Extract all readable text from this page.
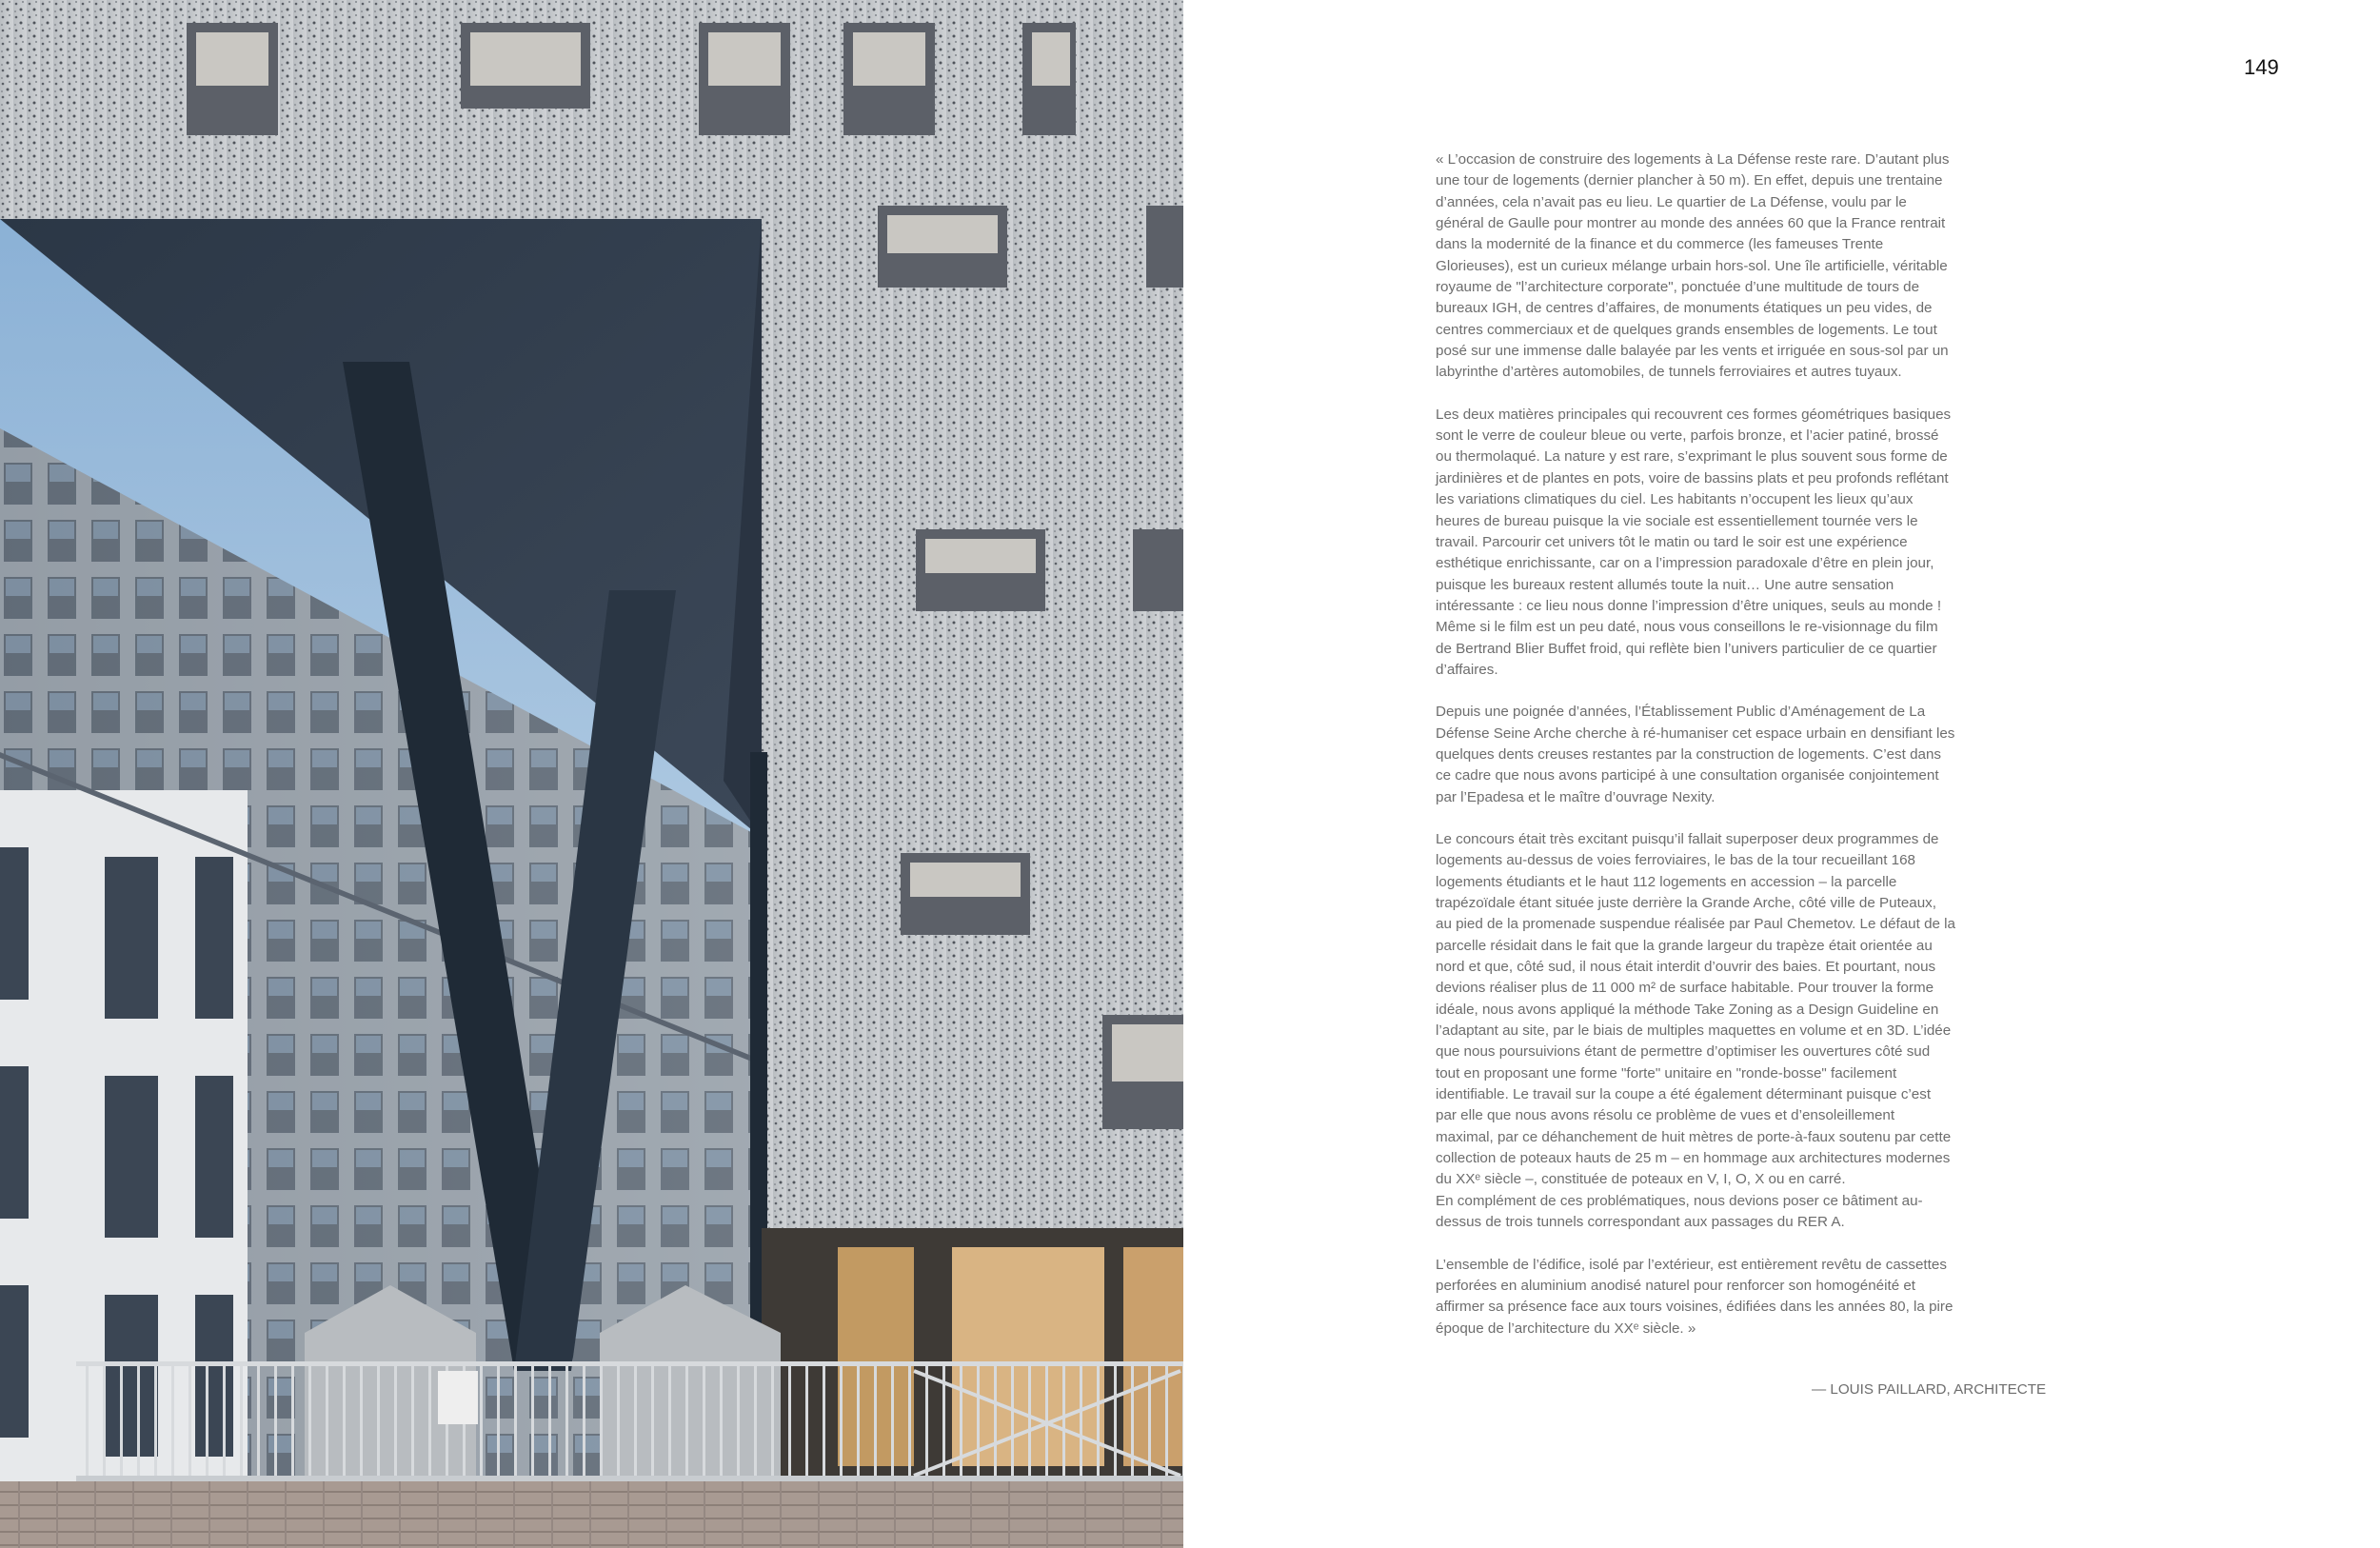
149

« L’occasion de construire des logements à La Défense reste rare. D’autant plus une tour de logements (dernier plancher à 50 m). En effet, depuis une trentaine d’années, cela n’avait pas eu lieu. Le quartier de La Défense, voulu par le général de Gaulle pour montrer au monde des années 60 que la France rentrait dans la modernité de la finance et du commerce (les fameuses Trente Glorieuses), est un curieux mélange urbain hors-sol. Une île artificielle, véritable royaume de "l’architecture corporate", ponctuée d’une multitude de tours de bureaux IGH, de centres d’affaires, de monuments étatiques un peu vides, de centres commerciaux et de quelques grands ensembles de logements. Le tout posé sur une immense dalle balayée par les vents et irriguée en sous-sol par un labyrinthe d’artères automobiles, de tunnels ferroviaires et autres tuyaux.

Les deux matières principales qui recouvrent ces formes géométriques basiques sont le verre de couleur bleue ou verte, parfois bronze, et l’acier patiné, brossé ou thermolaqué. La nature y est rare, s’exprimant le plus souvent sous forme de jardinières et de plantes en pots, voire de bassins plats et peu profonds reflétant les variations climatiques du ciel. Les habitants n’occupent les lieux qu’aux heures de bureau puisque la vie sociale est essentiellement tournée vers le travail. Parcourir cet univers tôt le matin ou tard le soir est une expérience esthétique enrichissante, car on a l’impression paradoxale d’être en plein jour, puisque les bureaux restent allumés toute la nuit… Une autre sensation intéressante : ce lieu nous donne l’impression d’être uniques, seuls au monde ! Même si le film est un peu daté, nous vous conseillons le re-visionnage du film de Bertrand Blier Buffet froid, qui reflète bien l’univers particulier de ce quartier d’affaires.

Depuis une poignée d’années, l’Établissement Public d’Aménagement de La Défense Seine Arche cherche à ré-humaniser cet espace urbain en densifiant les quelques dents creuses restantes par la construction de logements. C’est dans ce cadre que nous avons participé à une consultation organisée conjointement par l’Epadesa et le maître d’ouvrage Nexity.

Le concours était très excitant puisqu’il fallait superposer deux programmes de logements au-dessus de voies ferroviaires, le bas de la tour recueillant 168 logements étudiants et le haut 112 logements en accession – la parcelle trapézoïdale étant située juste derrière la Grande Arche, côté ville de Puteaux, au pied de la promenade suspendue réalisée par Paul Chemetov. Le défaut de la parcelle résidait dans le fait que la grande largeur du trapèze était orientée au nord et que, côté sud, il nous était interdit d’ouvrir des baies. Et pourtant, nous devions réaliser plus de 11 000 m² de surface habitable. Pour trouver la forme idéale, nous avons appliqué la méthode Take Zoning as a Design Guideline en l’adaptant au site, par le biais de multiples maquettes en volume et en 3D. L’idée que nous poursuivions étant de permettre d’optimiser les ouvertures côté sud tout en proposant une forme "forte" unitaire en "ronde-bosse" facilement identifiable. Le travail sur la coupe a été également déterminant puisque c’est par elle que nous avons résolu ce problème de vues et d’ensoleillement maximal, par ce déhanchement de huit mètres de porte-à-faux soutenu par cette collection de poteaux hauts de 25 m – en hommage aux architectures modernes du XXᵉ siècle –, constituée de poteaux en V, I, O, X ou en carré.

En complément de ces problématiques, nous devions poser ce bâtiment au-dessus de trois tunnels correspondant aux passages du RER A.

L’ensemble de l’édifice, isolé par l’extérieur, est entièrement revêtu de cassettes perforées en aluminium anodisé naturel pour renforcer son homogénéité et affirmer sa présence face aux tours voisines, édifiées dans les années 80, la pire époque de l’architecture du XXᵉ siècle. »

— LOUIS PAILLARD, ARCHITECTE
